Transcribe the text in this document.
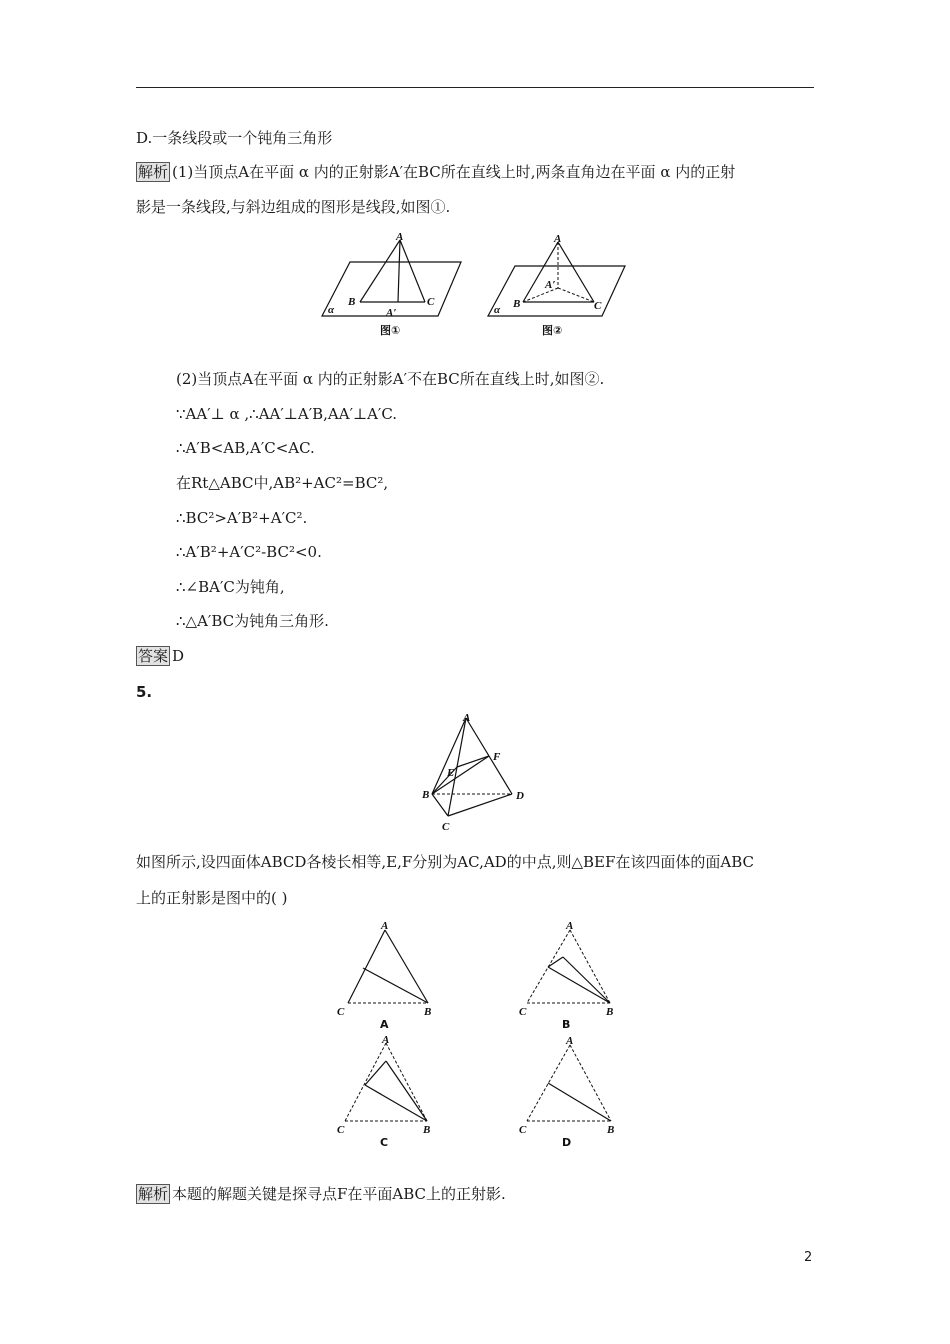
D.一条线段或一个钝角三角形
解析 (1)当顶点A在平面 α 内的正射影A′在BC所在直线上时,两条直角边在平面 α 内的正射
影是一条线段,与斜边组成的图形是线段,如图①.
A
B	C
A′
α
图①
A
B	C
A′
α
图②
(2)当顶点A在平面 α 内的正射影A′不在BC所在直线上时,如图②.
∵AA′⊥ α ,∴AA′⊥A′B,AA′⊥A′C.
∴A′B<AB,A′C<AC.
在Rt△ABC中,AB²+AC²=BC²,
∴BC²>A′B²+A′C².
∴A′B²+A′C²-BC²<0.
∴∠BA′C为钝角,
∴△A′BC为钝角三角形.
答案 D
5.
A
B
C
D
E
F
如图所示,设四面体ABCD各棱长相等,E,F分别为AC,AD的中点,则△BEF在该四面体的面ABC
上的正射影是图中的( )
A
C	B
A
A
C	B
B
A
C	B
C
A
C	B
D
解析 本题的解题关键是探寻点F在平面ABC上的正射影.
2
